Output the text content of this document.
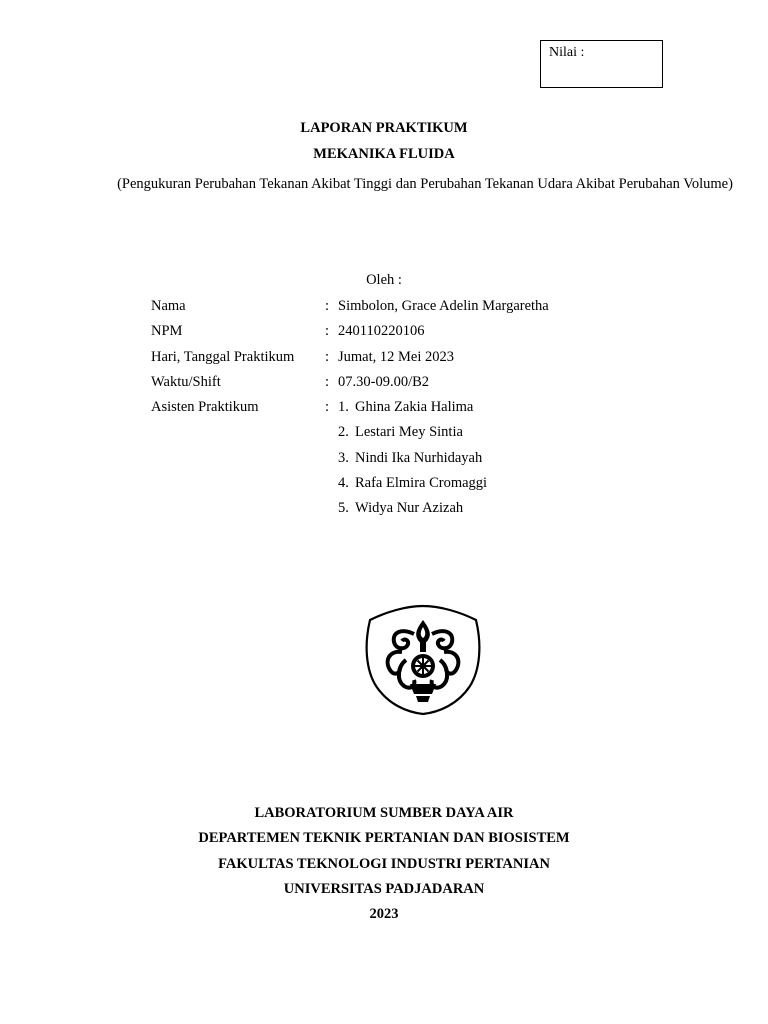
Nilai :
LAPORAN PRAKTIKUM
MEKANIKA FLUIDA
(Pengukuran Perubahan Tekanan Akibat Tinggi dan Perubahan Tekanan Udara Akibat Perubahan Volume)
Oleh :
Nama	: Simbolon, Grace Adelin Margaretha
NPM	: 240110220106
Hari, Tanggal Praktikum : Jumat, 12 Mei 2023
Waktu/Shift	: 07.30-09.00/B2
Asisten Praktikum	: 1. Ghina Zakia Halima
2. Lestari Mey Sintia
3. Nindi Ika Nurhidayah
4. Rafa Elmira Cromaggi
5. Widya Nur Azizah
LABORATORIUM SUMBER DAYA AIR
DEPARTEMEN TEKNIK PERTANIAN DAN BIOSISTEM
FAKULTAS TEKNOLOGI INDUSTRI PERTANIAN
UNIVERSITAS PADJADARAN
2023
